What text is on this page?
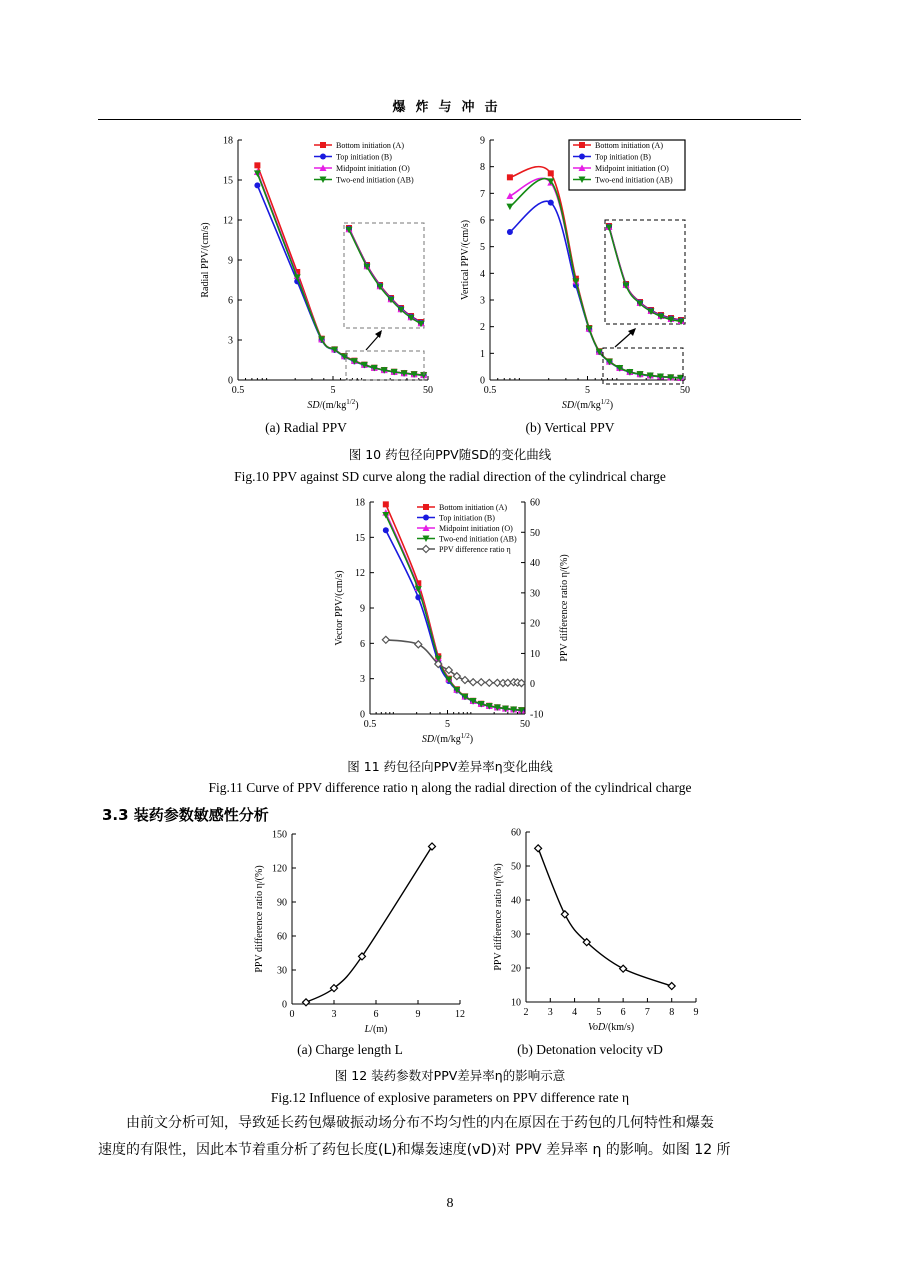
爆炸与冲击
0
3
6
9
12
15
18
0.5	5	50
$SD/(m/kg^{1/2})$
Radial PPV/(cm/s)
Bottom initiation (A)
Top initiation (B)
Midpoint initiation (O)
Two-end initiation (AB)
0
1
2
3
4
5
6
7
8
9
0.5	5	50
$SD/(m/kg^{1/2})$
Vertical PPV/(cm/s)
Bottom initiation (A)
Top initiation (B)
Midpoint initiation (O)
Two-end initiation (AB)
(a) Radial PPV	(b) Vertical PPV
图 10 药包径向PPV随SD的变化曲线
Fig.10 PPV against SD curve along the radial direction of the cylindrical charge
0
3
6
9
12
15
18
-10
0
10
20
30
40
50
60
0.5	5	50
$SD/(m/kg^{1/2})$
Vector PPV/(cm/s)	PPV difference ratio η/(%)
Bottom initiation (A)
Top initiation (B)
Midpoint initiation (O)
Two-end initiation (AB)
PPV difference ratio η
图 11 药包径向PPV差异率η变化曲线
Fig.11 Curve of PPV difference ratio η along the radial direction of the cylindrical charge
3.3 装药参数敏感性分析
0
30
60
90
120
150
0	3	6	9	12
L/(m)
PPV difference ratio η/(%)
10
20
30
40
50
60
2 3 4 5 6 7 8 9
VoD/(km/s)
PPV difference ratio η/(%)
(a) Charge length L	(b) Detonation velocity vD
图 12 装药参数对PPV差异率η的影响示意
Fig.12 Influence of explosive parameters on PPV difference rate η
由前文分析可知，导致延长药包爆破振动场分布不均匀性的内在原因在于药包的几何特性和爆轰
速度的有限性，因此本节着重分析了药包长度(L)和爆轰速度(vD)对 PPV 差异率 η 的影响。如图 12 所
8
